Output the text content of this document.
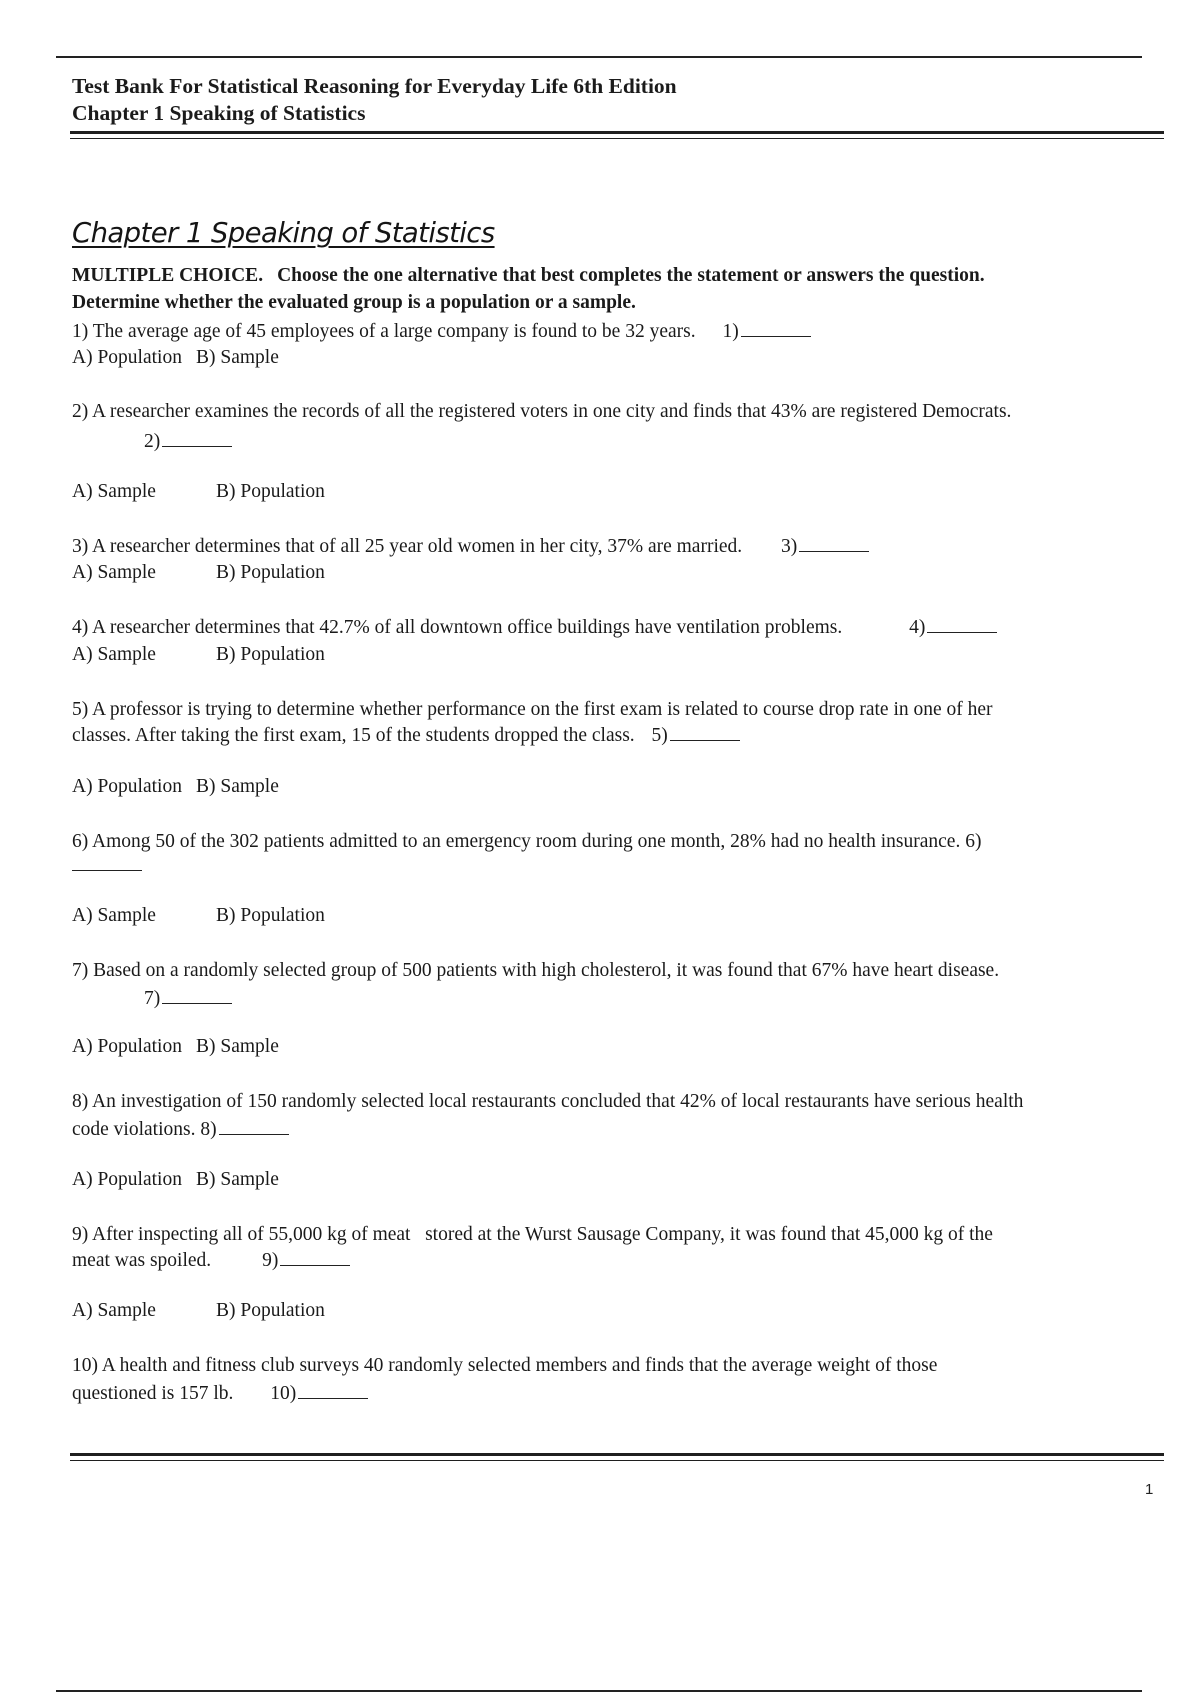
Test Bank For Statistical Reasoning for Everyday Life 6th Edition
Chapter 1 Speaking of Statistics
Chapter 1 Speaking of Statistics
MULTIPLE CHOICE. Choose the one alternative that best completes the statement or answers the question.
Determine whether the evaluated group is a population or a sample.
1) The average age of 45 employees of a large company is found to be 32 years. 1)
A) Population B) Sample
2) A researcher examines the records of all the registered voters in one city and finds that 43% are registered Democrats.
2)
A) Sample	B) Population
3) A researcher determines that of all 25 year old women in her city, 37% are married. 3)
A) Sample	B) Population
4) A researcher determines that 42.7% of all downtown office buildings have ventilation problems.	4)
A) Sample	B) Population
5) A professor is trying to determine whether performance on the first exam is related to course drop rate in one of her
classes. After taking the first exam, 15 of the students dropped the class. 5)
A) Population B) Sample
6) Among 50 of the 302 patients admitted to an emergency room during one month, 28% had no health insurance. 6)
A) Sample	B) Population
7) Based on a randomly selected group of 500 patients with high cholesterol, it was found that 67% have heart disease.
7)
A) Population B) Sample
8) An investigation of 150 randomly selected local restaurants concluded that 42% of local restaurants have serious health
code violations. 8)
A) Population B) Sample
9) After inspecting all of 55,000 kg of meat   stored at the Wurst Sausage Company, it was found that 45,000 kg of the
meat was spoiled.	9)
A) Sample	B) Population
10) A health and fitness club surveys 40 randomly selected members and finds that the average weight of those
questioned is 157 lb. 10)
1
